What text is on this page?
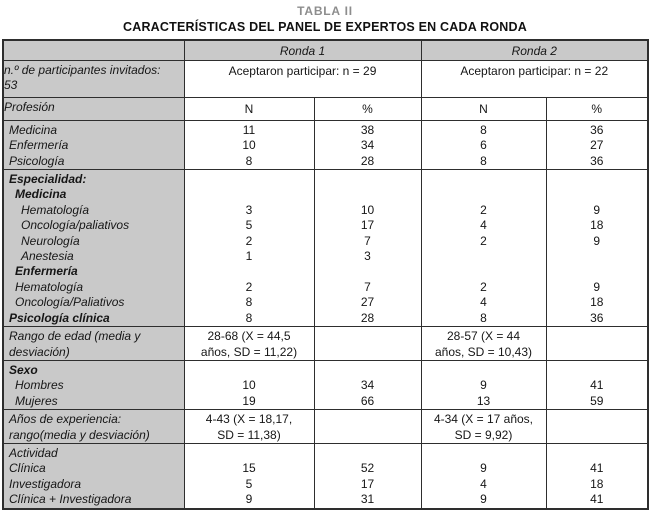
TABLA II
CARACTERÍSTICAS DEL PANEL DE EXPERTOS EN CADA RONDA
	Ronda 1		Ronda 2	

n.º de participantes invitados:
53	Aceptaron participar: n = 29		Aceptaron participar: n = 22	
Profesión	N	%	N	%
Medicina	11	38	8	36
Enfermería	10	34	6	27
Psicología	8	28	8	36
Especialidad:				
Medicina				
Hematología	3	10	2	9
Oncología/paliativos	5	17	4	18
Neurología	2	7	2	9
Anestesia	1	3		
Enfermería				
Hematología	2	7	2	9
Oncología/Paliativos	8	27	4	18
Psicología clínica	8	28	8	36
Rango de edad (media y	28-68 (X = 44,5		28-57 (X = 44	
desviación)	años, SD = 11,22)		años, SD = 10,43)	
Sexo				
Hombres	10	34	9	41
Mujeres	19	66	13	59
Años de experiencia:	4-43 (X = 18,17,		4-34 (X = 17 años,	
rango(media y desviación)	SD = 11,38)		SD = 9,92)	
Actividad				
Clínica	15	52	9	41
Investigadora	5	17	4	18
Clínica + Investigadora	9	31	9	41
